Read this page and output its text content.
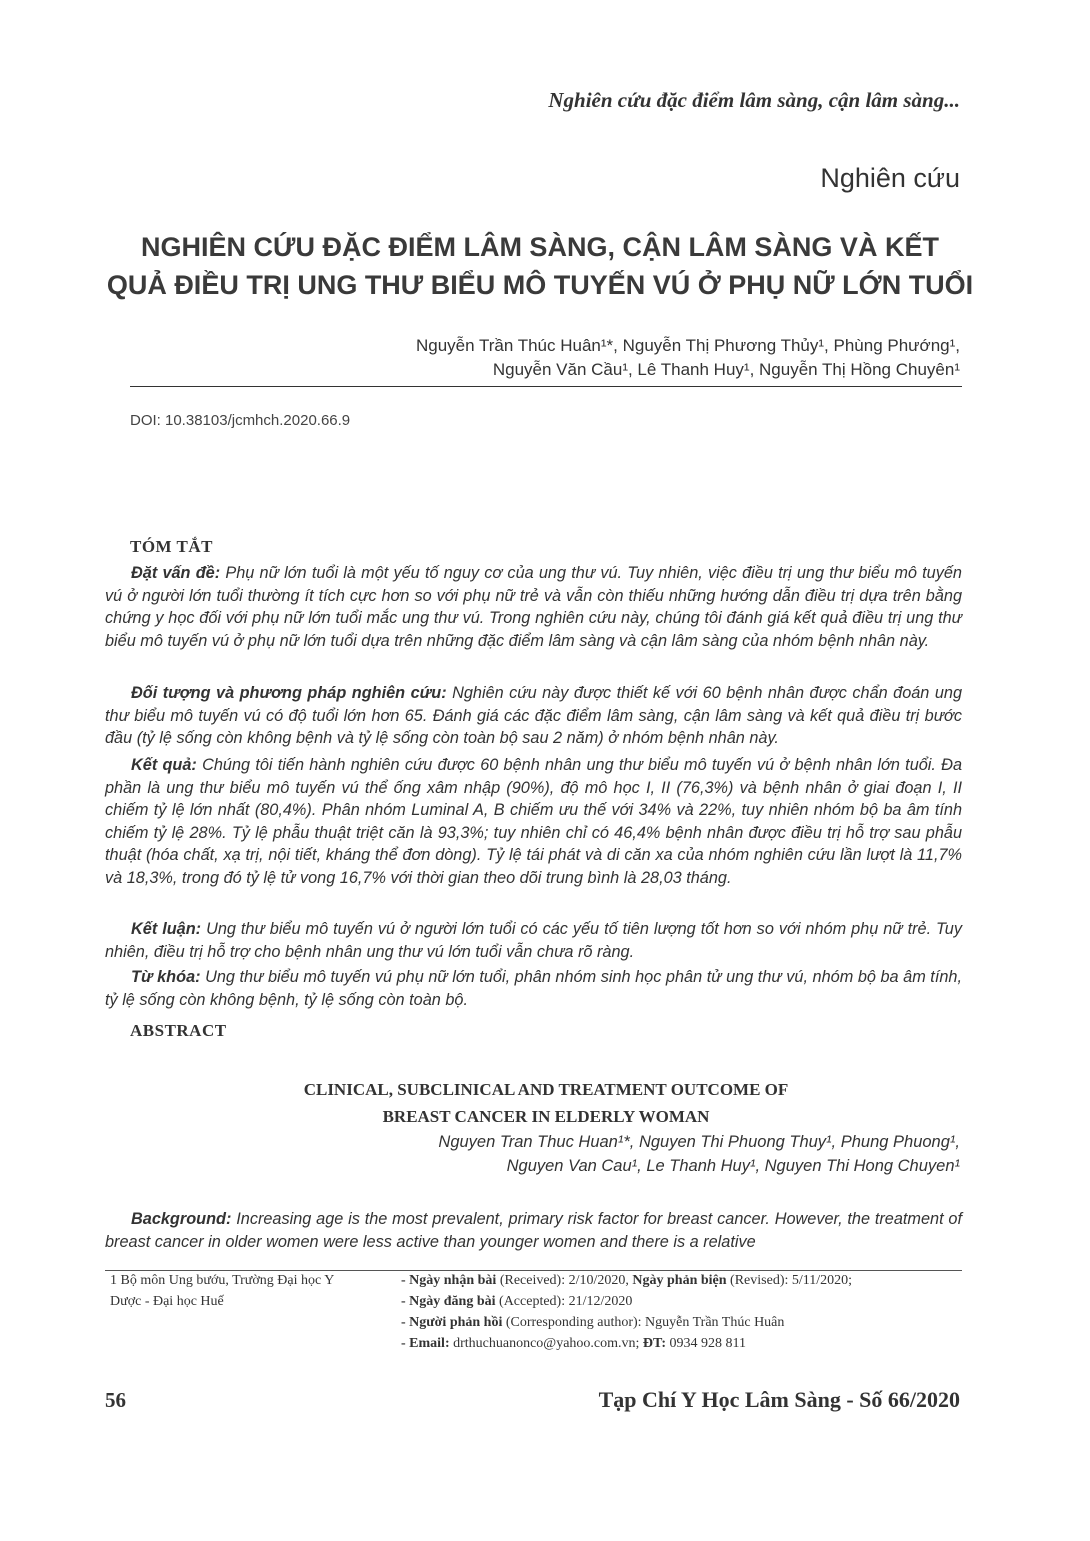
Nghiên cứu đặc điểm lâm sàng, cận lâm sàng...
Nghiên cứu
NGHIÊN CỨU ĐẶC ĐIỂM LÂM SÀNG, CẬN LÂM SÀNG VÀ KẾT
QUẢ ĐIỀU TRỊ UNG THƯ BIỂU MÔ TUYẾN VÚ Ở PHỤ NỮ LỚN TUỔI
Nguyễn Trần Thúc Huân¹*, Nguyễn Thị Phương Thủy¹, Phùng Phướng¹,
Nguyễn Văn Cầu¹, Lê Thanh Huy¹, Nguyễn Thị Hồng Chuyên¹
DOI: 10.38103/jcmhch.2020.66.9
TÓM TẮT
Đặt vấn đề: Phụ nữ lớn tuổi là một yếu tố nguy cơ của ung thư vú. Tuy nhiên, việc điều trị ung thư biểu mô tuyến vú ở người lớn tuổi thường ít tích cực hơn so với phụ nữ trẻ và vẫn còn thiếu những hướng dẫn điều trị dựa trên bằng chứng y học đối với phụ nữ lớn tuổi mắc ung thư vú. Trong nghiên cứu này, chúng tôi đánh giá kết quả điều trị ung thư biểu mô tuyến vú ở phụ nữ lớn tuổi dựa trên những đặc điểm lâm sàng và cận lâm sàng của nhóm bệnh nhân này.
Đối tượng và phương pháp nghiên cứu: Nghiên cứu này được thiết kế với 60 bệnh nhân được chẩn đoán ung thư biểu mô tuyến vú có độ tuổi lớn hơn 65. Đánh giá các đặc điểm lâm sàng, cận lâm sàng và kết quả điều trị bước đầu (tỷ lệ sống còn không bệnh và tỷ lệ sống còn toàn bộ sau 2 năm) ở nhóm bệnh nhân này.
Kết quả: Chúng tôi tiến hành nghiên cứu được 60 bệnh nhân ung thư biểu mô tuyến vú ở bệnh nhân lớn tuổi. Đa phần là ung thư biểu mô tuyến vú thể ống xâm nhập (90%), độ mô học I, II (76,3%) và bệnh nhân ở giai đoạn I, II chiếm tỷ lệ lớn nhất (80,4%). Phân nhóm Luminal A, B chiếm ưu thế với 34% và 22%, tuy nhiên nhóm bộ ba âm tính chiếm tỷ lệ 28%. Tỷ lệ phẫu thuật triệt căn là 93,3%; tuy nhiên chỉ có 46,4% bệnh nhân được điều trị hỗ trợ sau phẫu thuật (hóa chất, xạ trị, nội tiết, kháng thể đơn dòng). Tỷ lệ tái phát và di căn xa của nhóm nghiên cứu lần lượt là 11,7% và 18,3%, trong đó tỷ lệ tử vong 16,7% với thời gian theo dõi trung bình là 28,03 tháng.
Kết luận: Ung thư biểu mô tuyến vú ở người lớn tuổi có các yếu tố tiên lượng tốt hơn so với nhóm phụ nữ trẻ. Tuy nhiên, điều trị hỗ trợ cho bệnh nhân ung thư vú lớn tuổi vẫn chưa rõ ràng.
Từ khóa: Ung thư biểu mô tuyến vú phụ nữ lớn tuổi, phân nhóm sinh học phân tử ung thư vú, nhóm bộ ba âm tính, tỷ lệ sống còn không bệnh, tỷ lệ sống còn toàn bộ.
ABSTRACT
CLINICAL, SUBCLINICAL AND TREATMENT OUTCOME OF
BREAST CANCER IN ELDERLY WOMAN
Nguyen Tran Thuc Huan¹*, Nguyen Thi Phuong Thuy¹, Phung Phuong¹,
Nguyen Van Cau¹, Le Thanh Huy¹, Nguyen Thi Hong Chuyen¹
Background: Increasing age is the most prevalent, primary risk factor for breast cancer. However, the treatment of breast cancer in older women were less active than younger women and there is a relative
1 Bộ môn Ung bướu, Trường Đại học Y
Dược - Đại học Huế
- Ngày nhận bài (Received): 2/10/2020, Ngày phản biện (Revised): 5/11/2020;
- Ngày đăng bài (Accepted): 21/12/2020
- Người phản hồi (Corresponding author): Nguyễn Trần Thúc Huân
- Email: drthuchuanonco@yahoo.com.vn; ĐT: 0934 928 811
56	Tạp Chí Y Học Lâm Sàng - Số 66/2020
